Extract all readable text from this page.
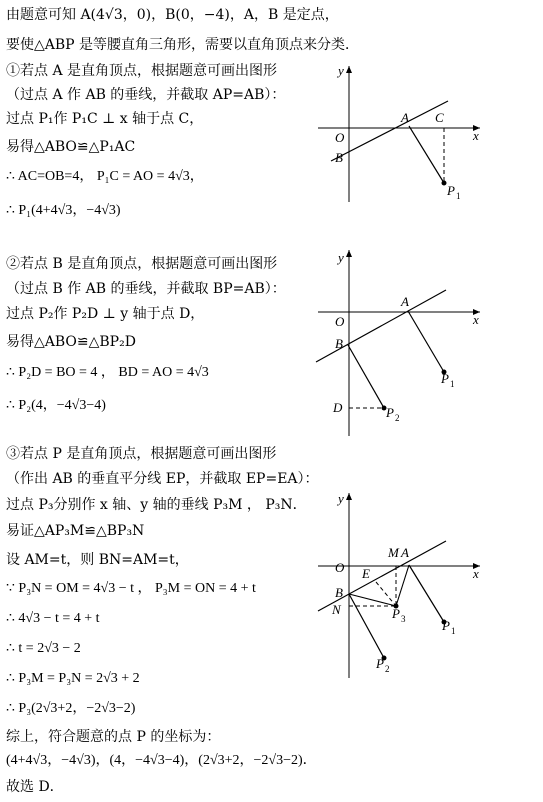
由题意可知 A(4√3，0)，B(0，−4)，A，B 是定点，
要使△ABP 是等腰直角三角形，需要以直角顶点来分类．
①若点 A 是直角顶点，根据题意可画出图形
（过点 A 作 AB 的垂线，并截取 AP=AB）：
过点 P₁作 P₁C ⊥ x 轴于点 C，
易得△ABO≌△P₁AC
∴ AC=OB=4， P₁C = AO = 4√3，
∴ P₁(4+4√3，−4√3)
y
x
O
A C
B
P 1
②若点 B 是直角顶点，根据题意可画出图形
（过点 B 作 AB 的垂线，并截取 BP=AB）：
过点 P₂作 P₂D ⊥ y 轴于点 D，
易得△ABO≌△BP₂D
∴ P₂D = BO = 4 ， BD = AO = 4√3
∴ P₂(4，−4√3−4)
y
x
O
A
B
D
P 1
P 2
③若点 P 是直角顶点，根据题意可画出图形
（作出 AB 的垂直平分线 EP，并截取 EP=EA）：
过点 P₃分别作 x 轴、y 轴的垂线 P₃M ， P₃N．
易证△AP₃M≌△BP₃N
设 AM=t，则 BN=AM=t，
∵ P₃N = OM = 4√3 − t ， P₃M = ON = 4 + t
∴ 4√3 − t = 4 + t
∴ t = 2√3 − 2
∴ P₃M = P₃N = 2√3 + 2
∴ P₃(2√3+2，−2√3−2)
y
x
O
M A
E
B
N	P 3	P 1
P 2
综上，符合题意的点 P 的坐标为：
(4+4√3，−4√3)，(4，−4√3−4)，(2√3+2，−2√3−2)．
故选 D．
